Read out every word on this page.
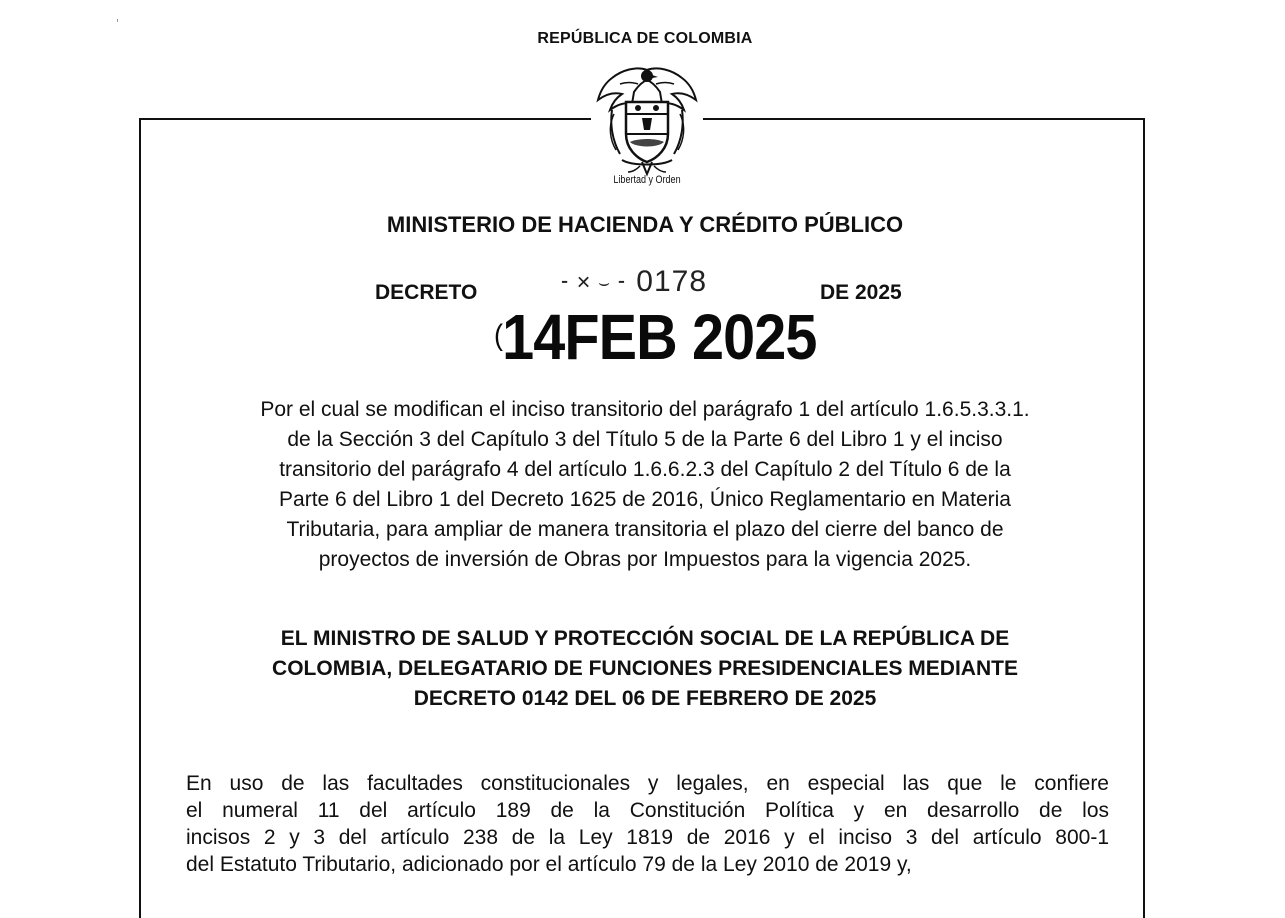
REPÚBLICA DE COLOMBIA
Libertad y Orden
MINISTERIO DE HACIENDA Y CRÉDITO PÚBLICO
DECRETO	⁃ ✕ ⌣ ⁃ 0178	DE 2025
(14FEB 2025
Por el cual se modifican el inciso transitorio del parágrafo 1 del artículo 1.6.5.3.3.1.
de la Sección 3 del Capítulo 3 del Título 5 de la Parte 6 del Libro 1 y el inciso
transitorio del parágrafo 4 del artículo 1.6.6.2.3 del Capítulo 2 del Título 6 de la
Parte 6 del Libro 1 del Decreto 1625 de 2016, Único Reglamentario en Materia
Tributaria, para ampliar de manera transitoria el plazo del cierre del banco de
proyectos de inversión de Obras por Impuestos para la vigencia 2025.
EL MINISTRO DE SALUD Y PROTECCIÓN SOCIAL DE LA REPÚBLICA DE
COLOMBIA, DELEGATARIO DE FUNCIONES PRESIDENCIALES MEDIANTE
DECRETO 0142 DEL 06 DE FEBRERO DE 2025
En uso de las facultades constitucionales y legales, en especial las que le confiere
el numeral 11 del artículo 189 de la Constitución Política y en desarrollo de los
incisos 2 y 3 del artículo 238 de la Ley 1819 de 2016 y el inciso 3 del artículo 800-1
del Estatuto Tributario, adicionado por el artículo 79 de la Ley 2010 de 2019 y,
